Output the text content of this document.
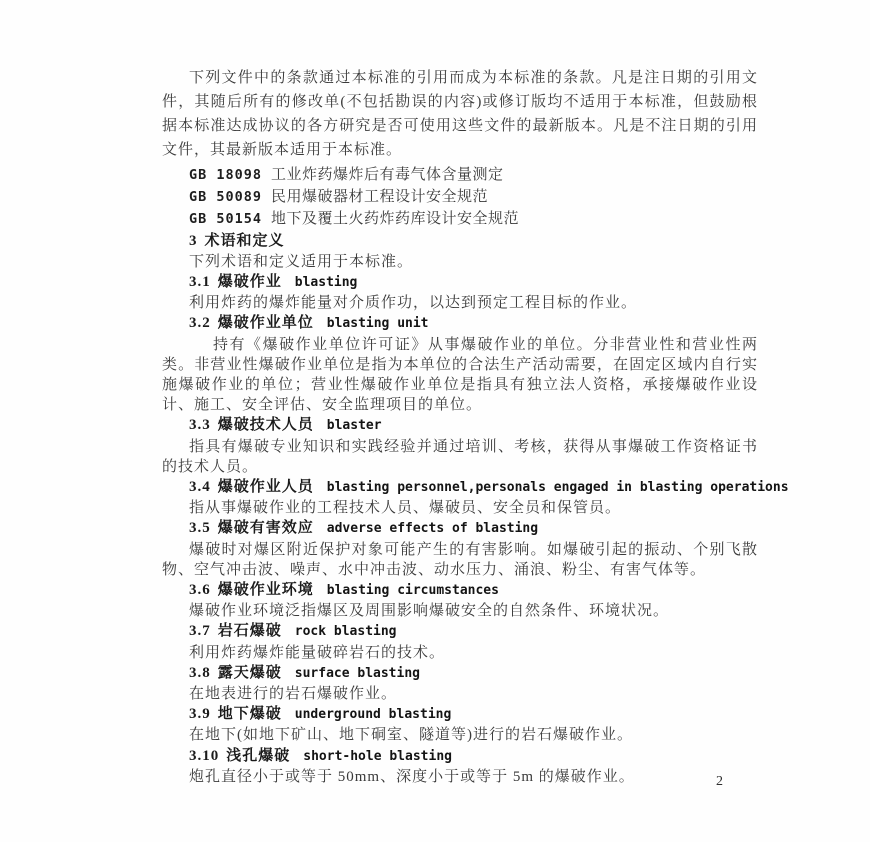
下列文件中的条款通过本标准的引用而成为本标准的条款。凡是注日期的引用文件，其随后所有的修改单(不包括勘误的内容)或修订版均不适用于本标准，但鼓励根据本标准达成协议的各方研究是否可使用这些文件的最新版本。凡是不注日期的引用文件，其最新版本适用于本标准。

GB 18098 工业炸药爆炸后有毒气体含量测定
GB 50089 民用爆破器材工程设计安全规范
GB 50154 地下及覆土火药炸药库设计安全规范
3 术语和定义
下列术语和定义适用于本标准。
3.1 爆破作业 blasting

利用炸药的爆炸能量对介质作功，以达到预定工程目标的作业。

3.2 爆破作业单位 blasting unit

持有《爆破作业单位许可证》从事爆破作业的单位。分非营业性和营业性两类。非营业性爆破作业单位是指为本单位的合法生产活动需要，在固定区域内自行实施爆破作业的单位；营业性爆破作业单位是指具有独立法人资格，承接爆破作业设计、施工、安全评估、安全监理项目的单位。

3.3 爆破技术人员 blaster

指具有爆破专业知识和实践经验并通过培训、考核，获得从事爆破工作资格证书的技术人员。

3.4 爆破作业人员 blasting personnel,personals engaged in blasting operations

指从事爆破作业的工程技术人员、爆破员、安全员和保管员。

3.5 爆破有害效应 adverse effects of blasting

爆破时对爆区附近保护对象可能产生的有害影响。如爆破引起的振动、个别飞散物、空气冲击波、噪声、水中冲击波、动水压力、涌浪、粉尘、有害气体等。

3.6 爆破作业环境 blasting circumstances

爆破作业环境泛指爆区及周围影响爆破安全的自然条件、环境状况。

3.7 岩石爆破 rock blasting

利用炸药爆炸能量破碎岩石的技术。

3.8 露天爆破 surface blasting

在地表进行的岩石爆破作业。

3.9 地下爆破 underground blasting

在地下(如地下矿山、地下硐室、隧道等)进行的岩石爆破作业。

3.10 浅孔爆破 short-hole blasting

炮孔直径小于或等于 50mm、深度小于或等于 5m 的爆破作业。	2
